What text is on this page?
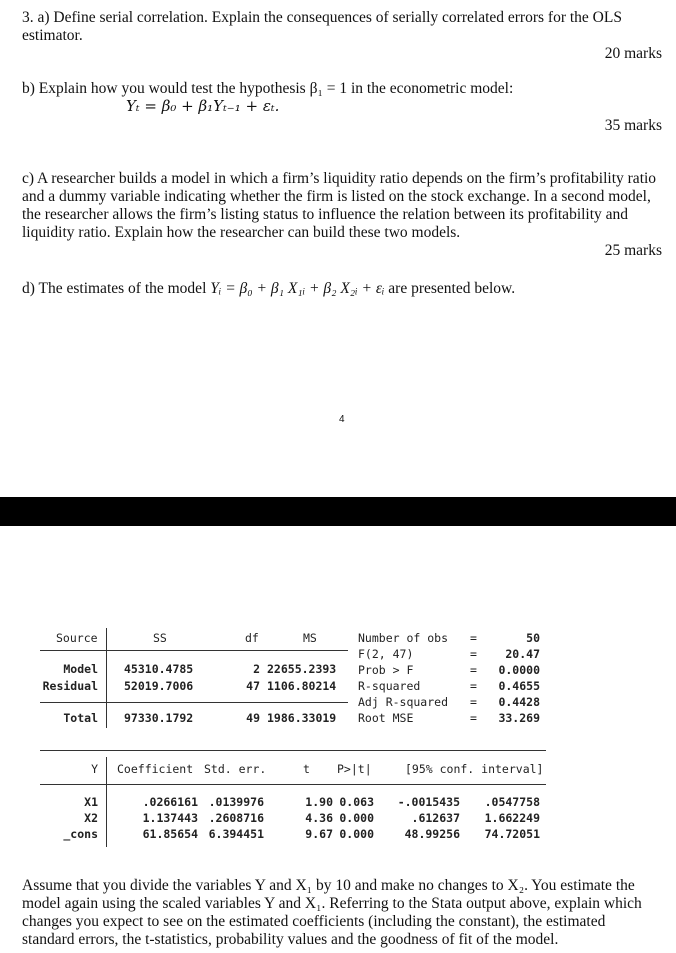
3. a) Define serial correlation. Explain the consequences of serially correlated errors for the OLS
estimator.
20 marks
b) Explain how you would test the hypothesis β₁ = 1 in the econometric model:
Yₜ = β₀ + β₁Yₜ₋₁ + εₜ.
35 marks
c) A researcher builds a model in which a firm’s liquidity ratio depends on the firm’s profitability ratio
and a dummy variable indicating whether the firm is listed on the stock exchange. In a second model,
the researcher allows the firm’s listing status to influence the relation between its profitability and
liquidity ratio. Explain how the researcher can build these two models.
25 marks
d) The estimates of the model Yᵢ = β₀ + β₁ X₁ᵢ + β₂ X₂ᵢ + εᵢ are presented below.
4
Source	SS	df	MS
Model 45310.4785	2 22655.2393
Residual 52019.7006	47 1106.80214
Total 97330.1792	49 1986.33019
Number of obs =	50
F(2, 47)	= 20.47
Prob > F	= 0.0000
R-squared	= 0.4655
Adj R-squared = 0.4428
Root MSE	= 33.269
Y Coefficient Std. err.	t P>|t|	[95% conf. interval]
X1	.0266161 .0139976	1.90 0.063 -.0015435 .0547758
X2	1.137443 .2608716	4.36 0.000	.612637 1.662249
_cons	61.85654 6.394451	9.67 0.000	48.99256 74.72051
Assume that you divide the variables Y and X₁ by 10 and make no changes to X₂. You estimate the
model again using the scaled variables Y and X₁. Referring to the Stata output above, explain which
changes you expect to see on the estimated coefficients (including the constant), the estimated
standard errors, the t-statistics, probability values and the goodness of fit of the model.
